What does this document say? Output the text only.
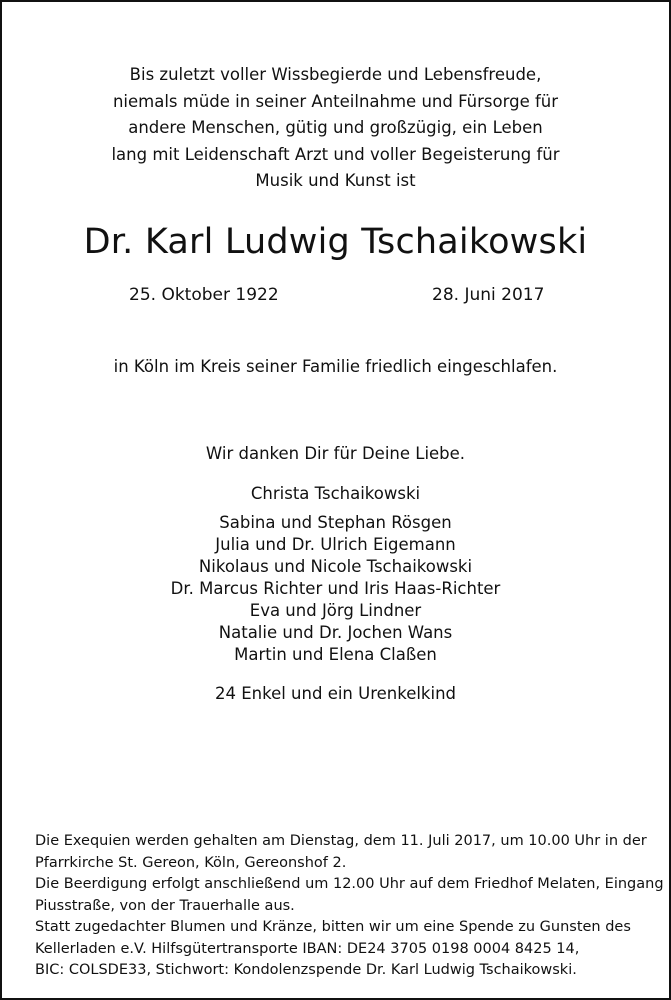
Bis zuletzt voller Wissbegierde und Lebensfreude,
niemals müde in seiner Anteilnahme und Fürsorge für
andere Menschen, gütig und großzügig, ein Leben
lang mit Leidenschaft Arzt und voller Begeisterung für
Musik und Kunst ist
Dr. Karl Ludwig Tschaikowski
25. Oktober 1922	28. Juni 2017
in Köln im Kreis seiner Familie friedlich eingeschlafen.
Wir danken Dir für Deine Liebe.
Christa Tschaikowski
Sabina und Stephan Rösgen
Julia und Dr. Ulrich Eigemann
Nikolaus und Nicole Tschaikowski
Dr. Marcus Richter und Iris Haas-Richter
Eva und Jörg Lindner
Natalie und Dr. Jochen Wans
Martin und Elena Claßen
24 Enkel und ein Urenkelkind
Die Exequien werden gehalten am Dienstag, dem 11. Juli 2017, um 10.00 Uhr in der
Pfarrkirche St. Gereon, Köln, Gereonshof 2.
Die Beerdigung erfolgt anschließend um 12.00 Uhr auf dem Friedhof Melaten, Eingang
Piusstraße, von der Trauerhalle aus.
Statt zugedachter Blumen und Kränze, bitten wir um eine Spende zu Gunsten des
Kellerladen e.V. Hilfsgütertransporte IBAN: DE24 3705 0198 0004 8425 14,
BIC: COLSDE33, Stichwort: Kondolenzspende Dr. Karl Ludwig Tschaikowski.
